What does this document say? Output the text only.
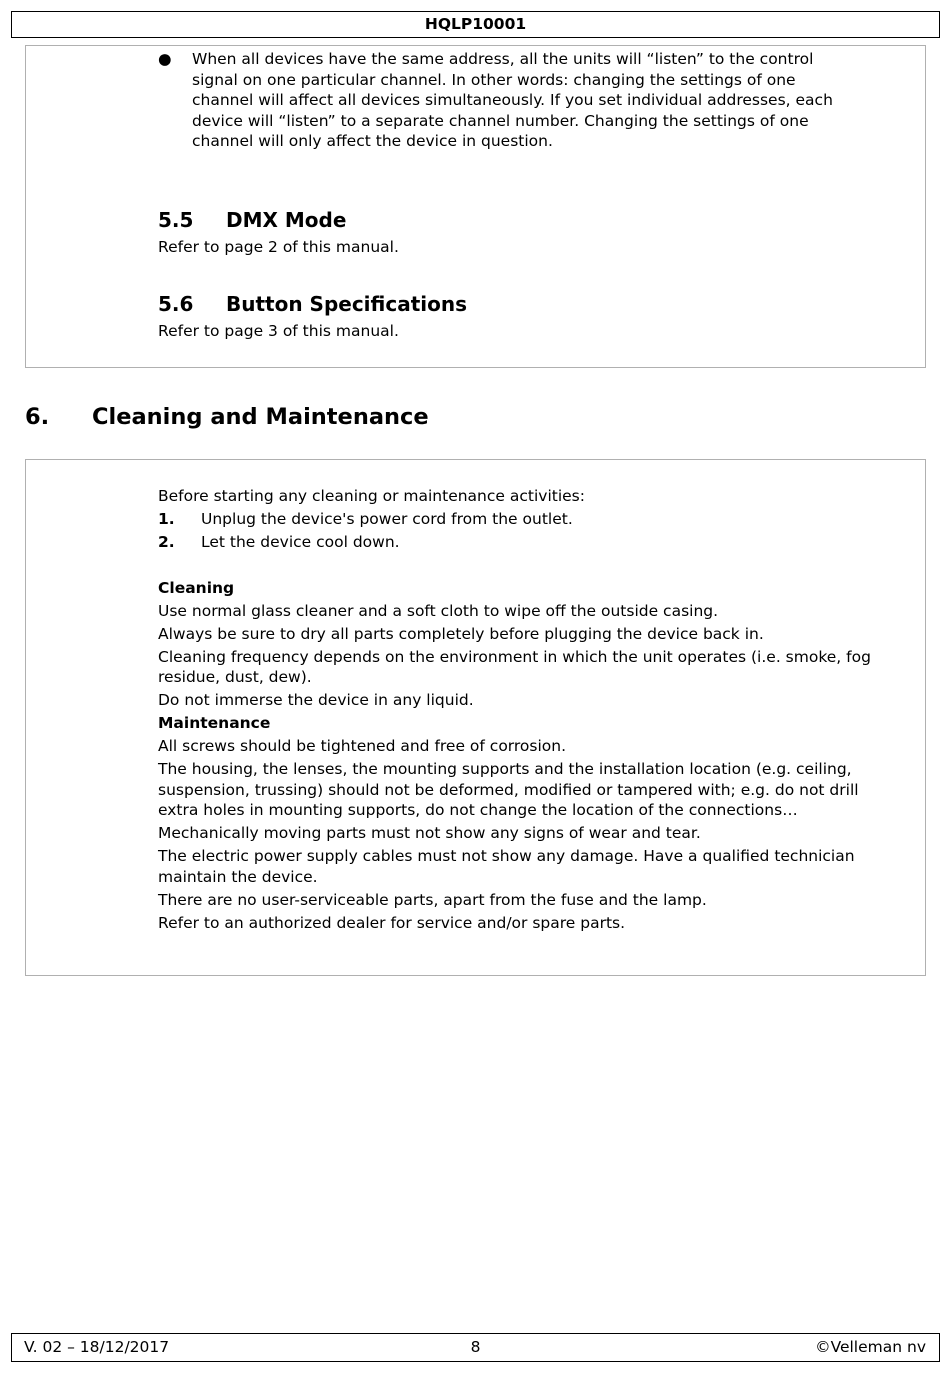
HQLP10001
● When all devices have the same address, all the units will “listen” to the control signal on one particular channel. In other words: changing the settings of one channel will affect all devices simultaneously. If you set individual addresses, each device will “listen” to a separate channel number. Changing the settings of one channel will only affect the device in question.
5.5 DMX Mode
Refer to page 2 of this manual.
5.6 Button Specifications
Refer to page 3 of this manual.
6. Cleaning and Maintenance
Before starting any cleaning or maintenance activities:
1. Unplug the device's power cord from the outlet.
2. Let the device cool down.
Cleaning
Use normal glass cleaner and a soft cloth to wipe off the outside casing.
Always be sure to dry all parts completely before plugging the device back in.
Cleaning frequency depends on the environment in which the unit operates (i.e. smoke, fog residue, dust, dew).
Do not immerse the device in any liquid.
Maintenance
All screws should be tightened and free of corrosion.
The housing, the lenses, the mounting supports and the installation location (e.g. ceiling, suspension, trussing) should not be deformed, modified or tampered with; e.g. do not drill extra holes in mounting supports, do not change the location of the connections…
Mechanically moving parts must not show any signs of wear and tear.
The electric power supply cables must not show any damage. Have a qualified technician maintain the device.
There are no user-serviceable parts, apart from the fuse and the lamp.
Refer to an authorized dealer for service and/or spare parts.
V. 02 – 18/12/2017	8	©Velleman nv
